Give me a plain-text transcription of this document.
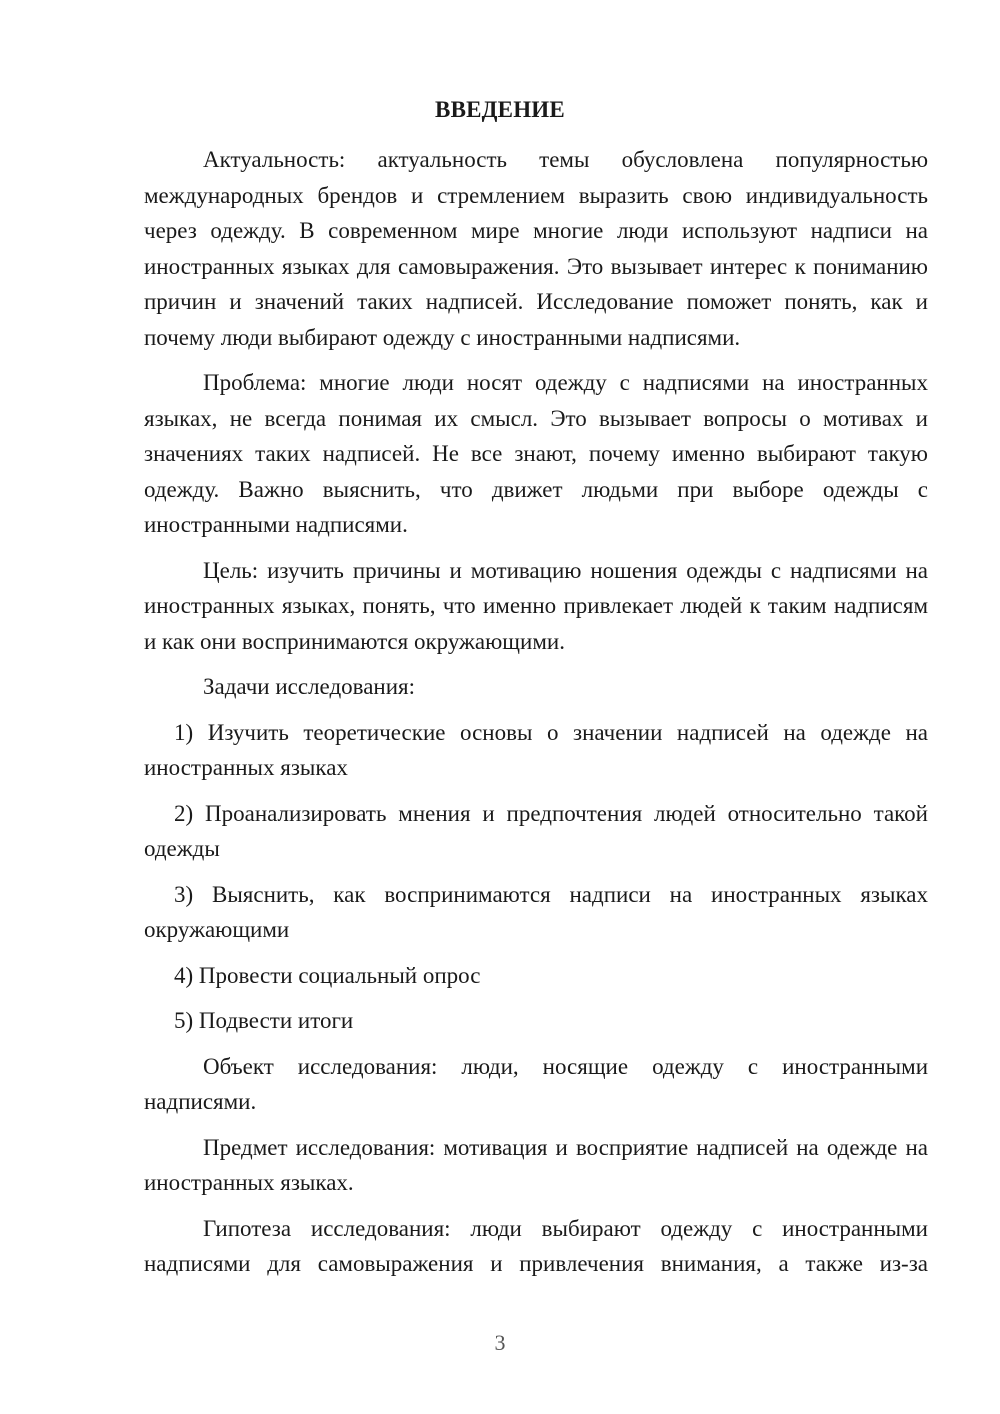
ВВЕДЕНИЕ

Актуальность: актуальность темы обусловлена популярностью международных брендов и стремлением выразить свою индивидуальность через одежду. В современном мире многие люди используют надписи на иностранных языках для самовыражения. Это вызывает интерес к пониманию причин и значений таких надписей. Исследование поможет понять, как и почему люди выбирают одежду с иностранными надписями.

Проблема: многие люди носят одежду с надписями на иностранных языках, не всегда понимая их смысл. Это вызывает вопросы о мотивах и значениях таких надписей. Не все знают, почему именно выбирают такую одежду. Важно выяснить, что движет людьми при выборе одежды с иностранными надписями.

Цель: изучить причины и мотивацию ношения одежды с надписями на иностранных языках, понять, что именно привлекает людей к таким надписям и как они воспринимаются окружающими.

Задачи исследования:

1) Изучить теоретические основы о значении надписей на одежде на иностранных языках

2) Проанализировать мнения и предпочтения людей относительно такой одежды

3) Выяснить, как воспринимаются надписи на иностранных языках окружающими

4) Провести социальный опрос

5) Подвести итоги

Объект исследования: люди, носящие одежду с иностранными надписями.

Предмет исследования: мотивация и восприятие надписей на одежде на иностранных языках.

Гипотеза исследования: люди выбирают одежду с иностранными надписями для самовыражения и привлечения внимания, а также из-за

3
